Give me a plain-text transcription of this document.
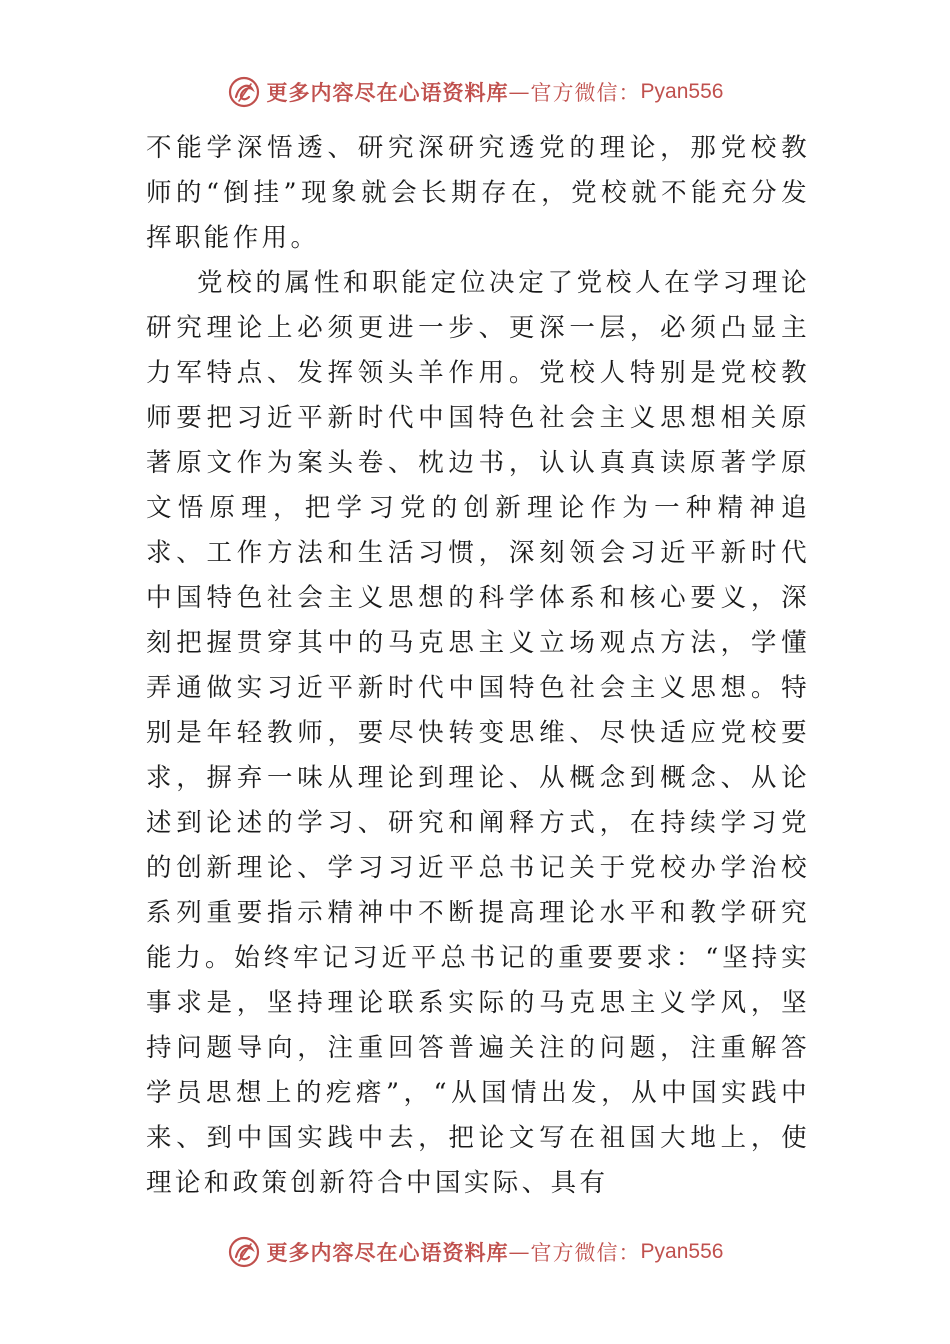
更多内容尽在心语资料库 — 官方微信： Pyan556

不能学深悟透、研究深研究透党的理论，那党校教师的“倒挂”现象就会长期存在，党校就不能充分发挥职能作用。

党校的属性和职能定位决定了党校人在学习理论研究理论上必须更进一步、更深一层，必须凸显主力军特点、发挥领头羊作用。党校人特别是党校教师要把习近平新时代中国特色社会主义思想相关原著原文作为案头卷、枕边书，认认真真读原著学原文悟原理，把学习党的创新理论作为一种精神追求、工作方法和生活习惯，深刻领会习近平新时代中国特色社会主义思想的科学体系和核心要义，深刻把握贯穿其中的马克思主义立场观点方法，学懂弄通做实习近平新时代中国特色社会主义思想。特别是年轻教师，要尽快转变思维、尽快适应党校要求，摒弃一味从理论到理论、从概念到概念、从论述到论述的学习、研究和阐释方式，在持续学习党的创新理论、学习习近平总书记关于党校办学治校系列重要指示精神中不断提高理论水平和教学研究能力。始终牢记习近平总书记的重要要求：“坚持实事求是，坚持理论联系实际的马克思主义学风，坚持问题导向，注重回答普遍关注的问题，注重解答学员思想上的疙瘩”，“从国情出发，从中国实践中来、到中国实践中去，把论文写在祖国大地上，使理论和政策创新符合中国实际、具有

更多内容尽在心语资料库 — 官方微信： Pyan556
